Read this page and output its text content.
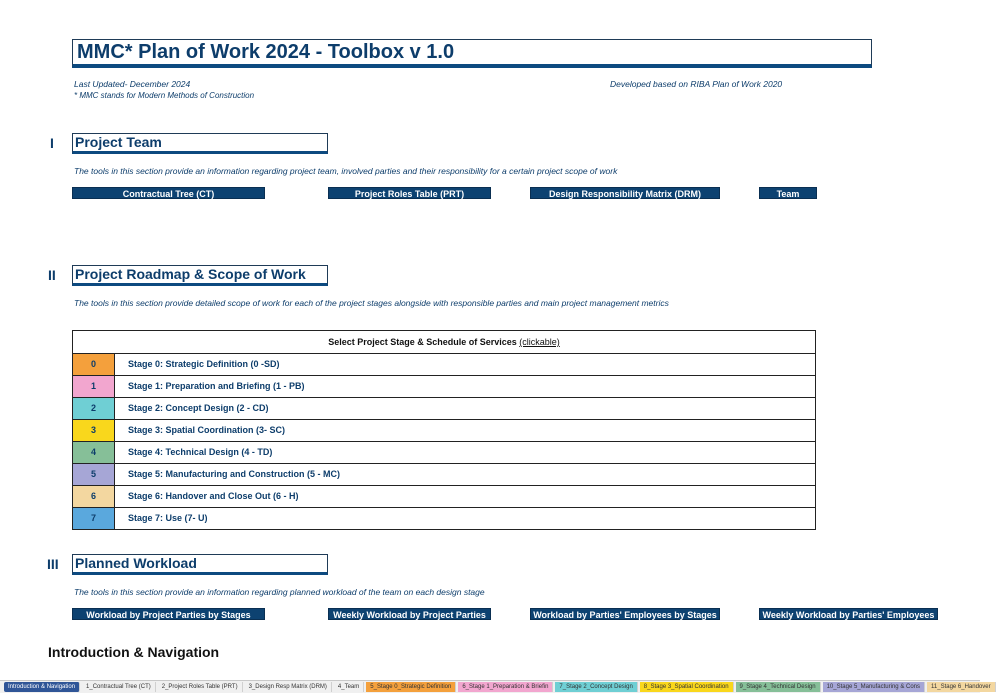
MMC* Plan of Work 2024 - Toolbox v 1.0
Last Updated- December 2024
* MMC stands for Modern Methods of Construction
Developed based on RIBA Plan of Work 2020
I Project Team
The tools in this section provide an information regarding project team, involved parties and their responsibility for a certain project scope of work
Contractual Tree (CT)	Project Roles Table (PRT)	Design Responsibility Matrix (DRM)	Team
II Project Roadmap & Scope of Work
The tools in this section provide detailed scope of work for each of the project stages alongside with responsible parties and main project management metrics
Select Project Stage & Schedule of Services (clickable)
0	Stage 0: Strategic Definition (0 -SD)
1	Stage 1: Preparation and Briefing (1 - PB)
2	Stage 2: Concept Design (2 - CD)
3	Stage 3: Spatial Coordination (3- SC)
4	Stage 4: Technical Design (4 - TD)
5	Stage 5: Manufacturing and Construction (5 - MC)
6	Stage 6: Handover and Close Out (6 - H)
7	Stage 7: Use (7- U)
III Planned Workload
The tools in this section provide an information regarding planned workload of the team on each design stage
Workload by Project Parties by Stages	Weekly Workload by Project Parties	Workload by Parties' Employees by Stages	Weekly Workload by Parties' Employees
Introduction & Navigation
Introduction & Navigation	1_Contractual Tree (CT)	2_Project Roles Table (PRT)	3_Design Resp Matrix (DRM)	4_Team	5_Stage 0_Strategic Definition	6_Stage 1_Preparation & Briefin	7_Stage 2_Concept Design	8_Stage 3_Spatial Coordination	9_Stage 4_Technical Design	10_Stage 5_Manufacturing & Cons	11_Stage 6_Handover
